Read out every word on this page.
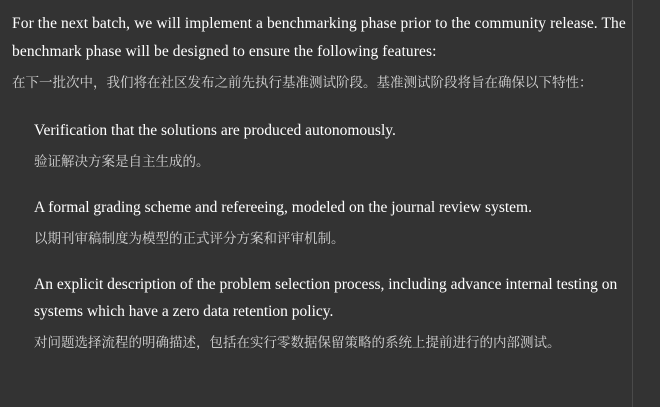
For the next batch, we will implement a benchmarking phase prior to the community release. The benchmark phase will be designed to ensure the following features:

在下一批次中，我们将在社区发布之前先执行基准测试阶段。基准测试阶段将旨在确保以下特性：

Verification that the solutions are produced autonomously.

验证解决方案是自主生成的。

A formal grading scheme and refereeing, modeled on the journal review system.

以期刊审稿制度为模型的正式评分方案和评审机制。

An explicit description of the problem selection process, including advance internal testing on systems which have a zero data retention policy.

对问题选择流程的明确描述，包括在实行零数据保留策略的系统上提前进行的内部测试。
